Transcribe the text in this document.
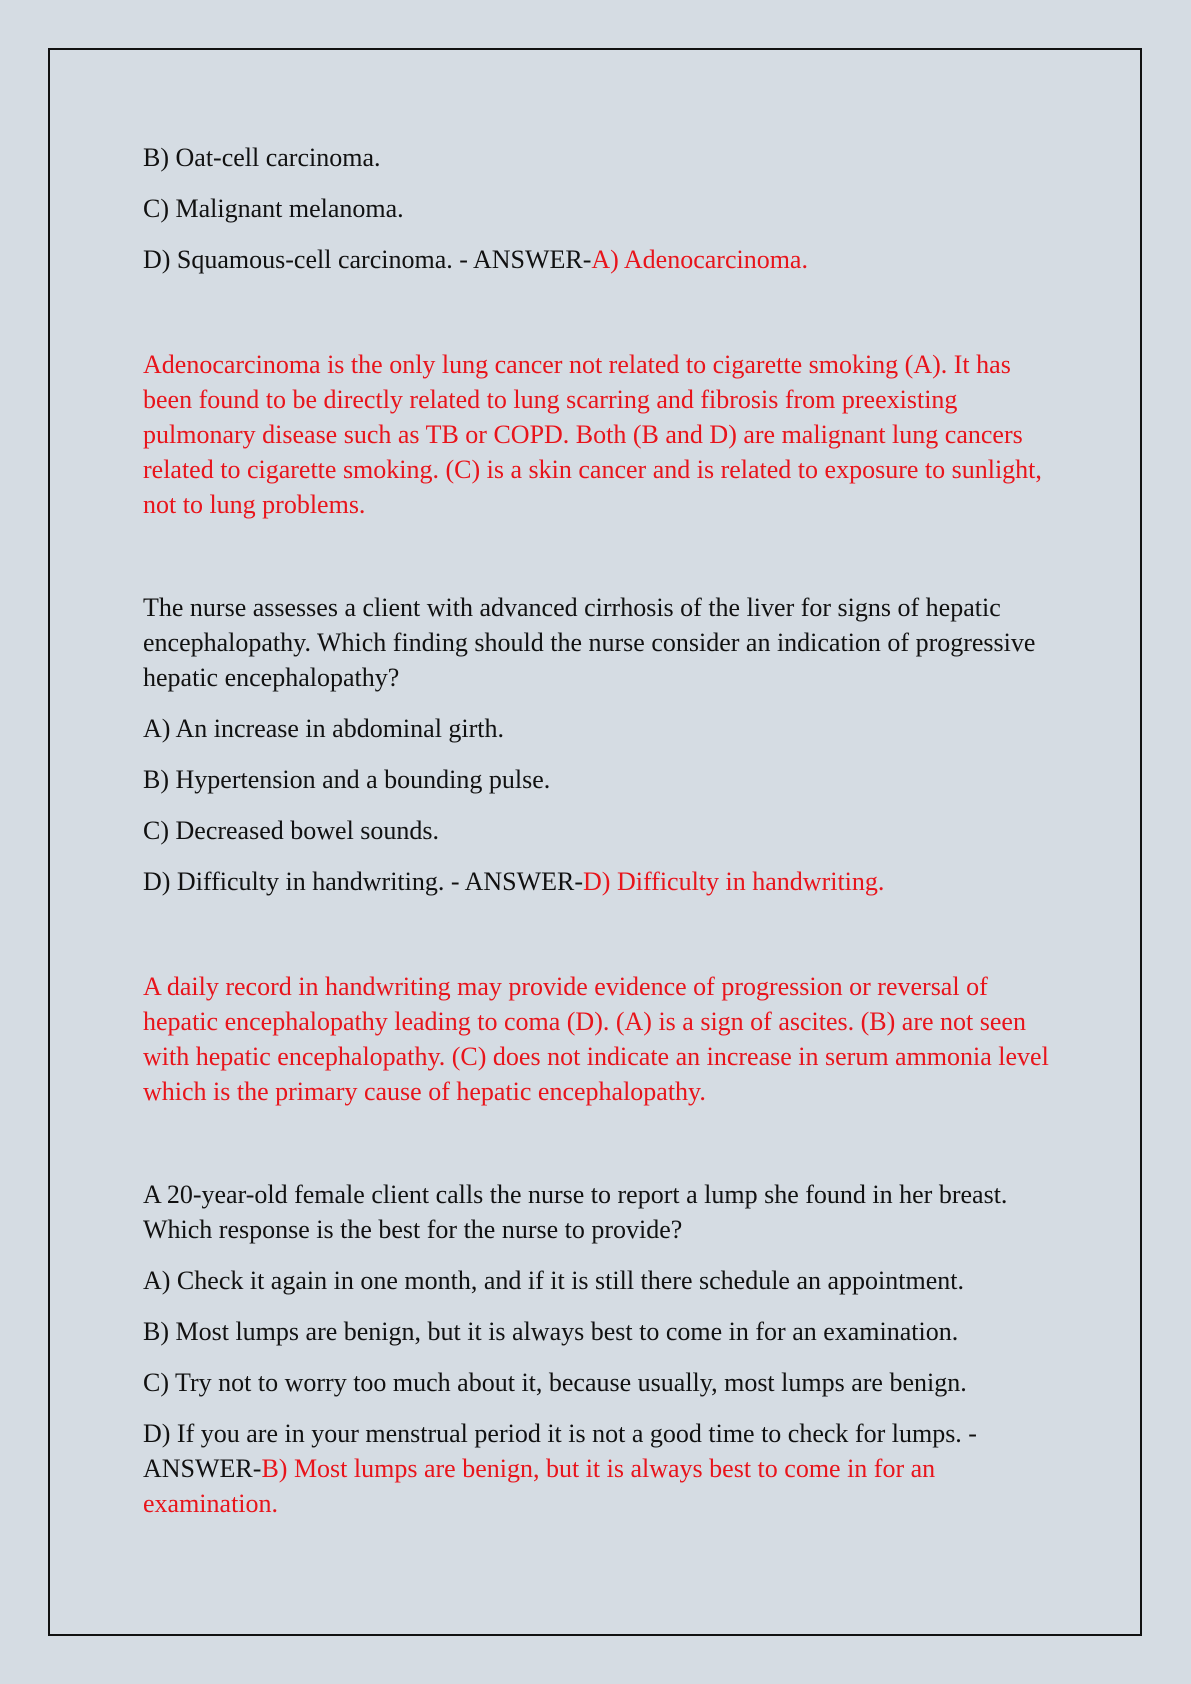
B) Oat-cell carcinoma.

C) Malignant melanoma.

D) Squamous-cell carcinoma. - ANSWER-A) Adenocarcinoma.

Adenocarcinoma is the only lung cancer not related to cigarette smoking (A). It has been found to be directly related to lung scarring and fibrosis from preexisting pulmonary disease such as TB or COPD. Both (B and D) are malignant lung cancers related to cigarette smoking. (C) is a skin cancer and is related to exposure to sunlight, not to lung problems.

The nurse assesses a client with advanced cirrhosis of the liver for signs of hepatic encephalopathy. Which finding should the nurse consider an indication of progressive hepatic encephalopathy?

A) An increase in abdominal girth.

B) Hypertension and a bounding pulse.

C) Decreased bowel sounds.

D) Difficulty in handwriting. - ANSWER-D) Difficulty in handwriting.

A daily record in handwriting may provide evidence of progression or reversal of hepatic encephalopathy leading to coma (D). (A) is a sign of ascites. (B) are not seen with hepatic encephalopathy. (C) does not indicate an increase in serum ammonia level which is the primary cause of hepatic encephalopathy.

A 20-year-old female client calls the nurse to report a lump she found in her breast. Which response is the best for the nurse to provide?

A) Check it again in one month, and if it is still there schedule an appointment.

B) Most lumps are benign, but it is always best to come in for an examination.

C) Try not to worry too much about it, because usually, most lumps are benign.

D) If you are in your menstrual period it is not a good time to check for lumps. - ANSWER-B) Most lumps are benign, but it is always best to come in for an examination.
